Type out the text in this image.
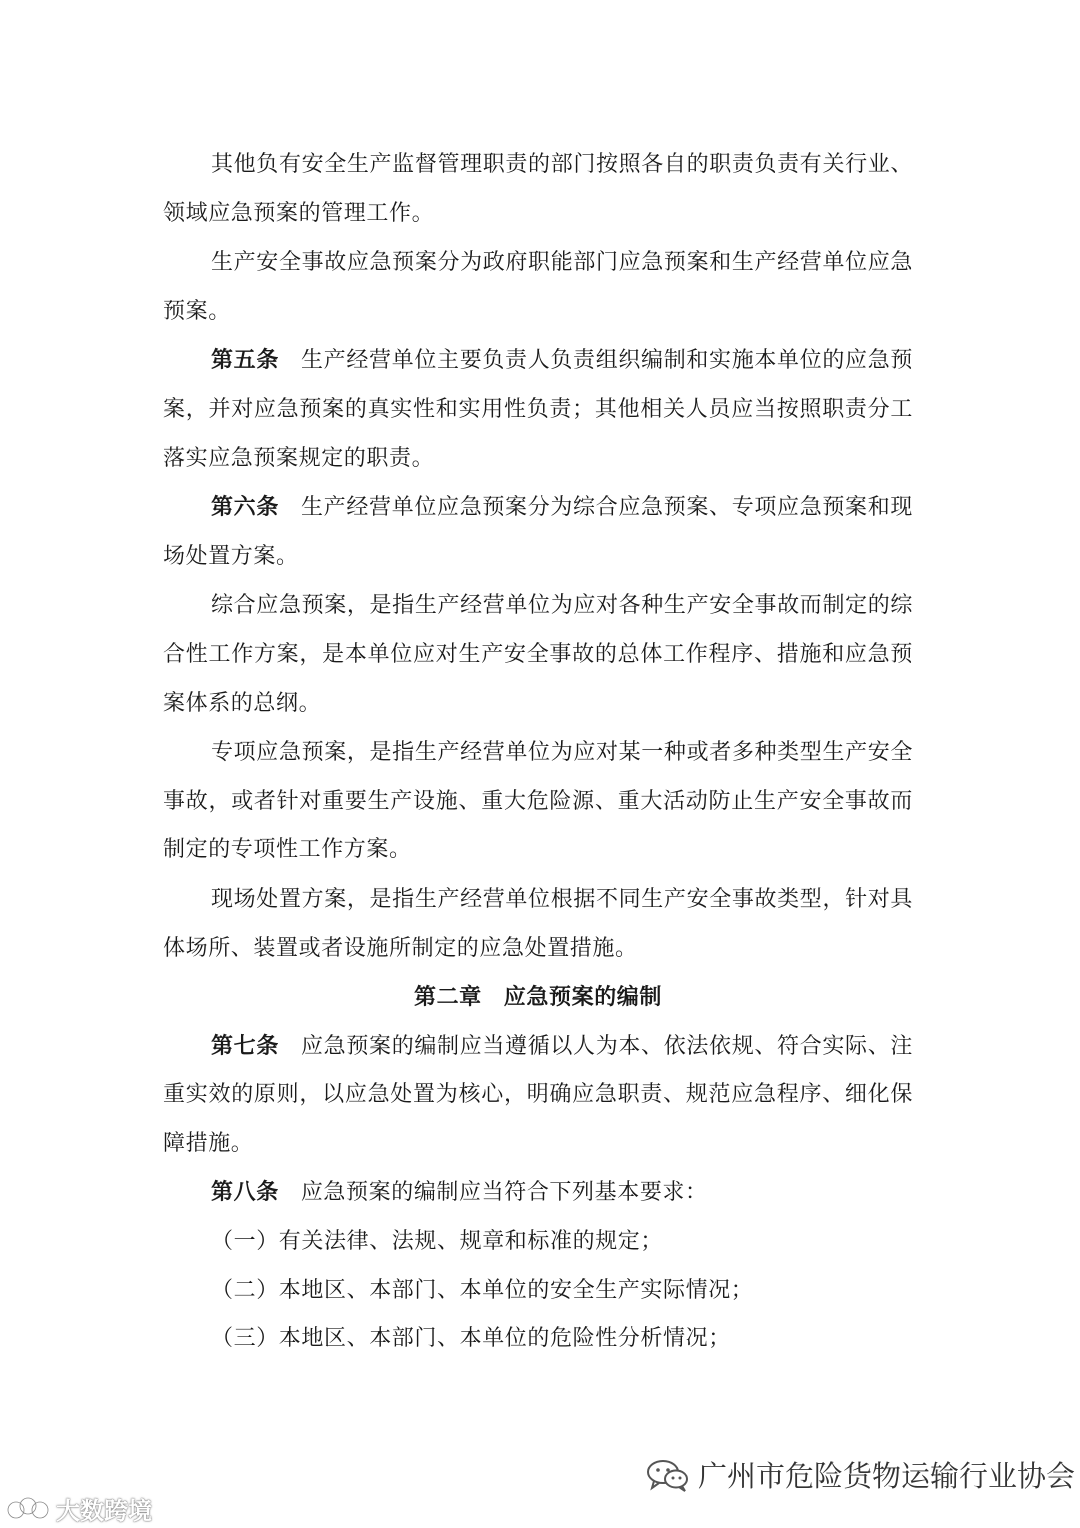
其他负有安全生产监督管理职责的部门按照各自的职责负责有关行业、领域应急预案的管理工作。

生产安全事故应急预案分为政府职能部门应急预案和生产经营单位应急预案。

第五条 生产经营单位主要负责人负责组织编制和实施本单位的应急预案，并对应急预案的真实性和实用性负责；其他相关人员应当按照职责分工落实应急预案规定的职责。

第六条 生产经营单位应急预案分为综合应急预案、专项应急预案和现场处置方案。

综合应急预案，是指生产经营单位为应对各种生产安全事故而制定的综合性工作方案，是本单位应对生产安全事故的总体工作程序、措施和应急预案体系的总纲。

专项应急预案，是指生产经营单位为应对某一种或者多种类型生产安全事故，或者针对重要生产设施、重大危险源、重大活动防止生产安全事故而制定的专项性工作方案。

现场处置方案，是指生产经营单位根据不同生产安全事故类型，针对具体场所、装置或者设施所制定的应急处置措施。

第二章 应急预案的编制

第七条 应急预案的编制应当遵循以人为本、依法依规、符合实际、注重实效的原则，以应急处置为核心，明确应急职责、规范应急程序、细化保障措施。

第八条 应急预案的编制应当符合下列基本要求：

（一）有关法律、法规、规章和标准的规定；

（二）本地区、本部门、本单位的安全生产实际情况；

（三）本地区、本部门、本单位的危险性分析情况；

广州市危险货物运输行业协会
大数跨境
